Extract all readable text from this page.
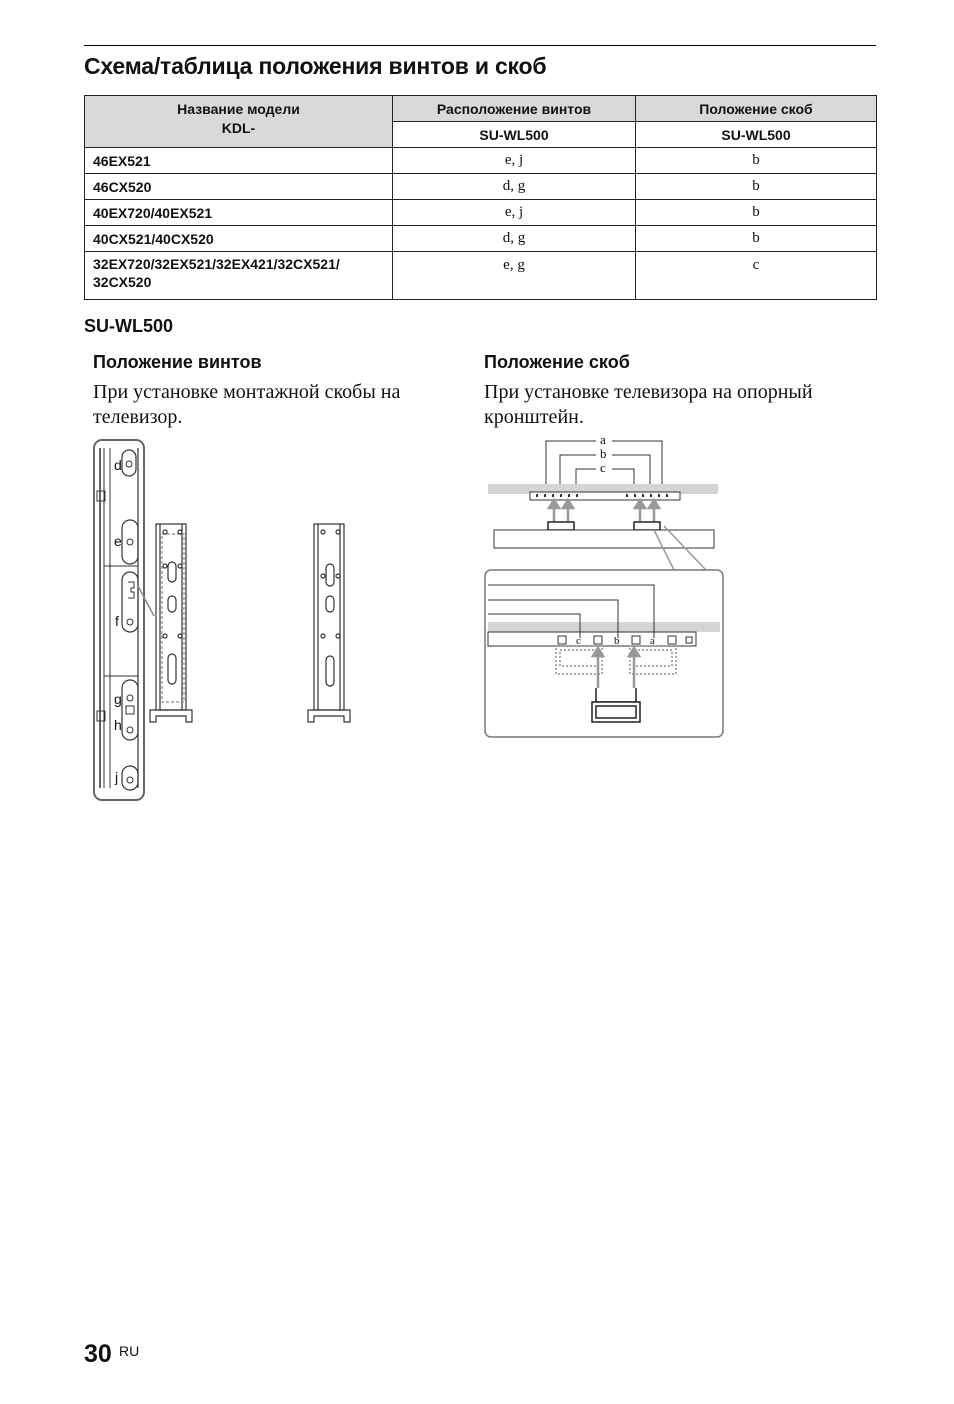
Схема/таблица положения винтов и скоб
Название модели
KDL-	Расположение винтов	Положение скоб
	SU-WL500	SU-WL500
46EX521	e, j	b
46CX520	d, g	b
40EX720/40EX521	e, j	b
40CX521/40CX520	d, g	b

32EX720/32EX521/32EX421/32CX521/
32CX520	e, g	c
SU-WL500
Положение винтов
При установке монтажной скобы на
телевизор.
Положение скоб
При установке телевизора на опорный
кронштейн.
d
e
f
g
h
j
a
b
c
c	b	a
30 RU
